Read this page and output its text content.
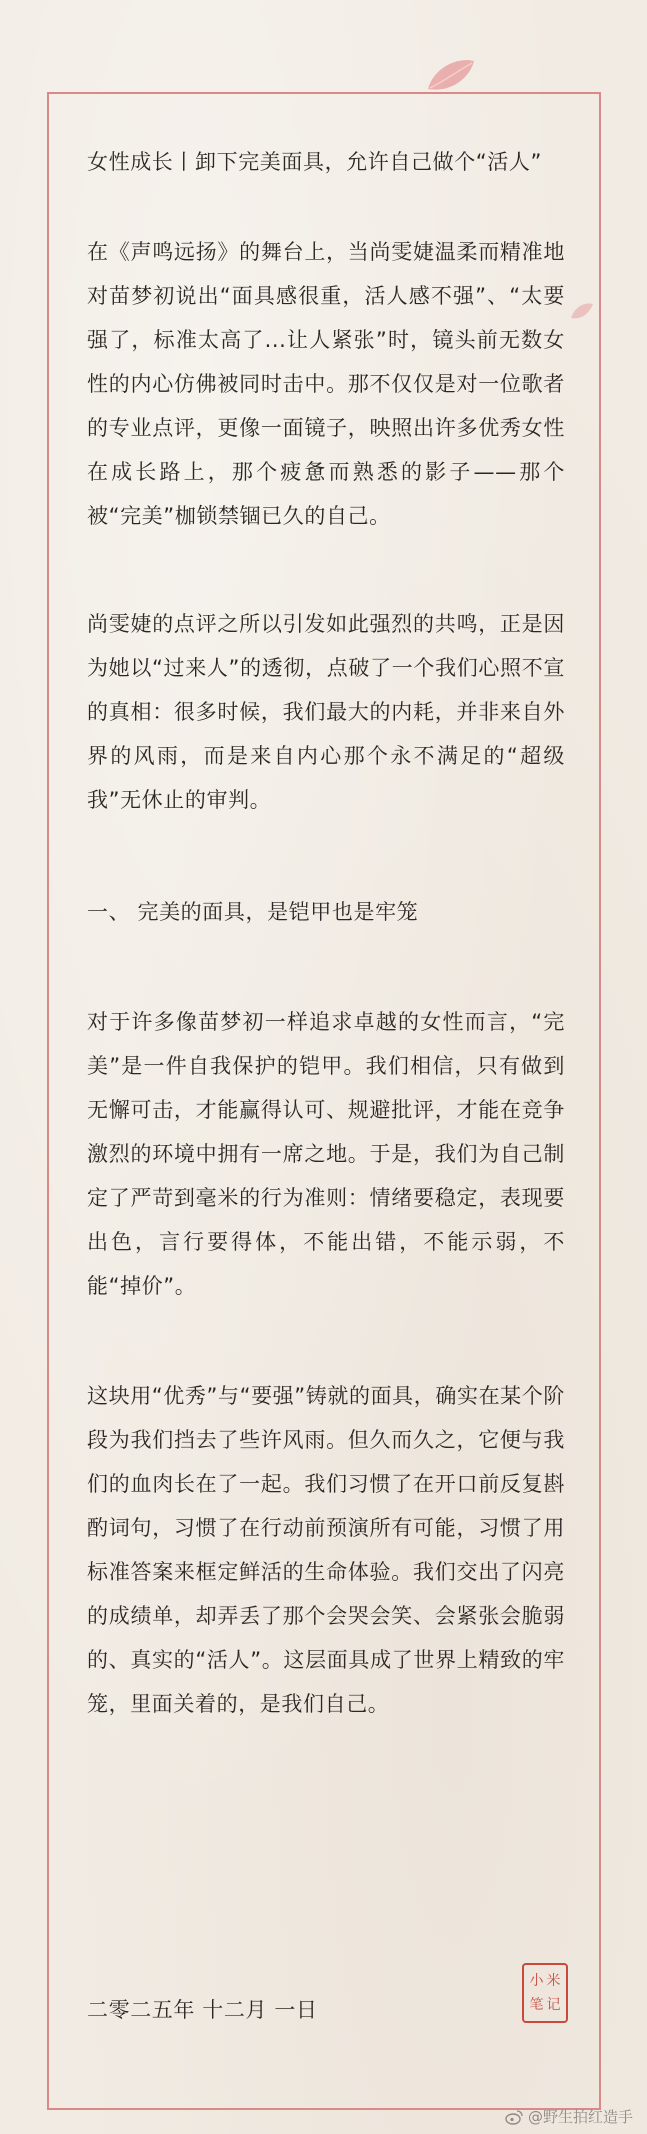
女性成长丨卸下完美面具，允许自己做个“活人”

在《声鸣远扬》的舞台上，当尚雯婕温柔而精准地对苗梦初说出“面具感很重，活人感不强”、“太要强了，标准太高了...让人紧张”时，镜头前无数女性的内心仿佛被同时击中。那不仅仅是对一位歌者的专业点评，更像一面镜子，映照出许多优秀女性在成长路上，那个疲惫而熟悉的影子——那个被“完美”枷锁禁锢已久的自己。

尚雯婕的点评之所以引发如此强烈的共鸣，正是因为她以“过来人”的透彻，点破了一个我们心照不宣的真相：很多时候，我们最大的内耗，并非来自外界的风雨，而是来自内心那个永不满足的“超级我”无休止的审判。

一、 完美的面具，是铠甲也是牢笼

对于许多像苗梦初一样追求卓越的女性而言，“完美”是一件自我保护的铠甲。我们相信，只有做到无懈可击，才能赢得认可、规避批评，才能在竞争激烈的环境中拥有一席之地。于是，我们为自己制定了严苛到毫米的行为准则：情绪要稳定，表现要出色，言行要得体，不能出错，不能示弱，不能“掉价”。

这块用“优秀”与“要强”铸就的面具，确实在某个阶段为我们挡去了些许风雨。但久而久之，它便与我们的血肉长在了一起。我们习惯了在开口前反复斟酌词句，习惯了在行动前预演所有可能，习惯了用标准答案来框定鲜活的生命体验。我们交出了闪亮的成绩单，却弄丢了那个会哭会笑、会紧张会脆弱的、真实的“活人”。这层面具成了世界上精致的牢笼，里面关着的，是我们自己。

二零二五年 十二月 一日
小 米
笔 记
@野生拍红造手
